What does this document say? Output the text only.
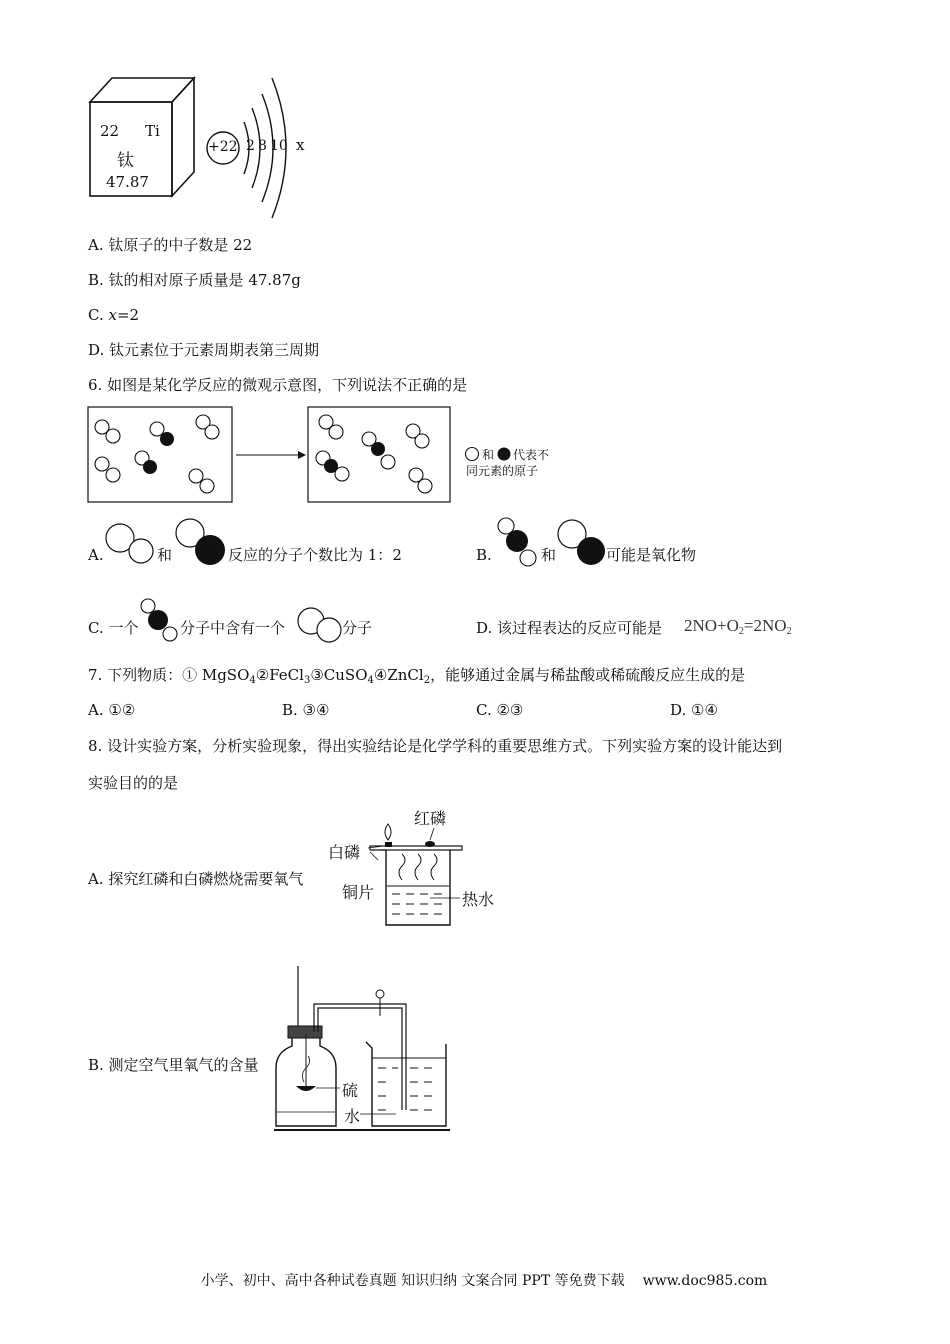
22 Ti
钛
47.87
+22 2 8 10 x
A. 钛原子的中子数是 22
B. 钛的相对原子质量是 47.87g
C. x=2
D. 钛元素位于元素周期表第三周期
6. 如图是某化学反应的微观示意图，下列说法不正确的是
和 代表不
同元素的原子
A.	和	反应的分子个数比为 1：2	B.	和	可能是氧化物
C. 一个	分子中含有一个	分子	D. 该过程表达的反应可能是 $2NO+O_2=2NO_2$
7. 下列物质：① MgSO$_4$②FeCl$_3$③CuSO$_4$④ZnCl$_2$，能够通过金属与稀盐酸或稀硫酸反应生成的是
A. ①②	B. ③④	C. ②③	D. ①④
8. 设计实验方案，分析实验现象，得出实验结论是化学学科的重要思维方式。下列实验方案的设计能达到
实验目的的是
A. 探究红磷和白磷燃烧需要氧气
红磷
白磷
铜片	热水
B. 测定空气里氧气的含量
硫
水
小学、初中、高中各种试卷真题 知识归纳 文案合同 PPT 等免费下载 www.doc985.com
